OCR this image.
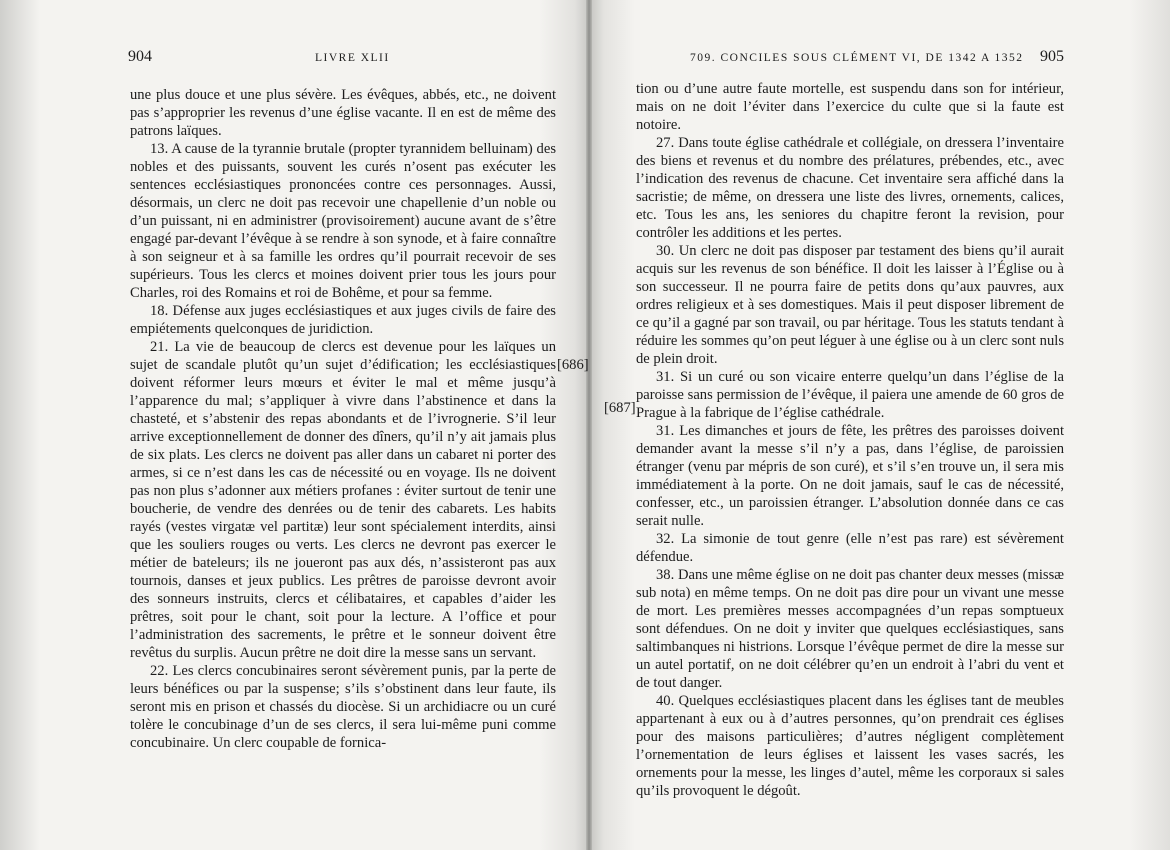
904	LIVRE XLII

une plus douce et une plus sévère. Les évêques, abbés, etc., ne doivent pas s’approprier les revenus d’une église vacante. Il en est de même des patrons laïques.

13. A cause de la tyrannie brutale (propter tyrannidem belluinam) des nobles et des puissants, souvent les curés n’osent pas exécuter les sentences ecclésiastiques prononcées contre ces personnages. Aussi, désormais, un clerc ne doit pas recevoir une chapellenie d’un noble ou d’un puissant, ni en administrer (provisoirement) aucune avant de s’être engagé par-devant l’évêque à se rendre à son synode, et à faire connaître à son seigneur et à sa famille les ordres qu’il pourrait recevoir de ses supérieurs. Tous les clercs et moines doivent prier tous les jours pour Charles, roi des Romains et roi de Bohême, et pour sa femme.

18. Défense aux juges ecclésiastiques et aux juges civils de faire des empiétements quelconques de juridiction.

21. La vie de beaucoup de clercs est devenue pour les laïques un sujet de scandale plutôt qu’un sujet d’édification; les ecclésiastiques doivent réformer leurs mœurs et éviter le mal et même jusqu’à l’apparence du mal; s’appliquer à vivre dans l’abstinence et dans la chasteté, et s’abstenir des repas abondants et de l’ivrognerie. S’il leur arrive exceptionnellement de donner des dîners, qu’il n’y ait jamais plus de six plats. Les clercs ne doivent pas aller dans un cabaret ni porter des armes, si ce n’est dans les cas de nécessité ou en voyage. Ils ne doivent pas non plus s’adonner aux métiers profanes : éviter surtout de tenir une boucherie, de vendre des denrées ou de tenir des cabarets. Les habits rayés (vestes virgatæ vel partitæ) leur sont spécialement interdits, ainsi que les souliers rouges ou verts. Les clercs ne devront pas exercer le métier de bateleurs; ils ne joueront pas aux dés, n’assisteront pas aux tournois, danses et jeux publics. Les prêtres de paroisse devront avoir des sonneurs instruits, clercs et célibataires, et capables d’aider les prêtres, soit pour le chant, soit pour la lecture. A l’office et pour l’administration des sacrements, le prêtre et le sonneur doivent être revêtus du surplis. Aucun prêtre ne doit dire la messe sans un servant.

22. Les clercs concubinaires seront sévèrement punis, par la perte de leurs bénéfices ou par la suspense; s’ils s’obstinent dans leur faute, ils seront mis en prison et chassés du diocèse. Si un archidiacre ou un curé tolère le concubinage d’un de ses clercs, il sera lui-même puni comme concubinaire. Un clerc coupable de fornica-

[686]
709. CONCILES SOUS CLÉMENT VI, DE 1342 A 1352 905

tion ou d’une autre faute mortelle, est suspendu dans son for intérieur, mais on ne doit l’éviter dans l’exercice du culte que si la faute est notoire.

27. Dans toute église cathédrale et collégiale, on dressera l’inventaire des biens et revenus et du nombre des prélatures, prébendes, etc., avec l’indication des revenus de chacune. Cet inventaire sera affiché dans la sacristie; de même, on dressera une liste des livres, ornements, calices, etc. Tous les ans, les seniores du chapitre feront la revision, pour contrôler les additions et les pertes.

30. Un clerc ne doit pas disposer par testament des biens qu’il aurait acquis sur les revenus de son bénéfice. Il doit les laisser à l’Église ou à son successeur. Il ne pourra faire de petits dons qu’aux pauvres, aux ordres religieux et à ses domestiques. Mais il peut disposer librement de ce qu’il a gagné par son travail, ou par héritage. Tous les statuts tendant à réduire les sommes qu’on peut léguer à une église ou à un clerc sont nuls de plein droit.

31. Si un curé ou son vicaire enterre quelqu’un dans l’église de la paroisse sans permission de l’évêque, il paiera une amende de 60 gros de Prague à la fabrique de l’église cathédrale.

31. Les dimanches et jours de fête, les prêtres des paroisses doivent demander avant la messe s’il n’y a pas, dans l’église, de paroissien étranger (venu par mépris de son curé), et s’il s’en trouve un, il sera mis immédiatement à la porte. On ne doit jamais, sauf le cas de nécessité, confesser, etc., un paroissien étranger. L’absolution donnée dans ce cas serait nulle.

32. La simonie de tout genre (elle n’est pas rare) est sévèrement défendue.

38. Dans une même église on ne doit pas chanter deux messes (missæ sub nota) en même temps. On ne doit pas dire pour un vivant une messe de mort. Les premières messes accompagnées d’un repas somptueux sont défendues. On ne doit y inviter que quelques ecclésiastiques, sans saltimbanques ni histrions. Lorsque l’évêque permet de dire la messe sur un autel portatif, on ne doit célébrer qu’en un endroit à l’abri du vent et de tout danger.

40. Quelques ecclésiastiques placent dans les églises tant de meubles appartenant à eux ou à d’autres personnes, qu’on prendrait ces églises pour des maisons particulières; d’autres négligent complètement l’ornementation de leurs églises et laissent les vases sacrés, les ornements pour la messe, les linges d’autel, même les corporaux si sales qu’ils provoquent le dégoût.

[687]
